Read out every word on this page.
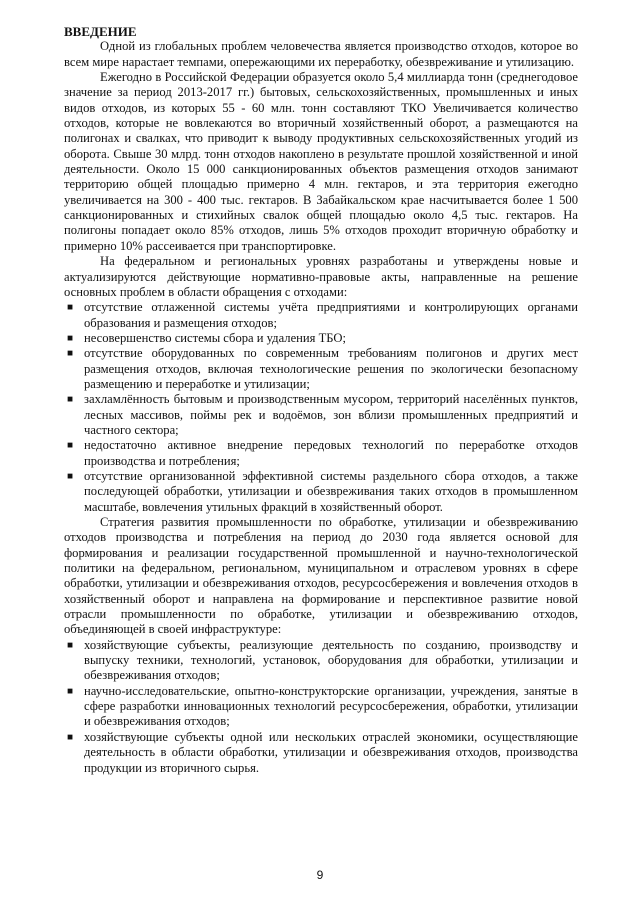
ВВЕДЕНИЕ

Одной из глобальных проблем человечества является производство отходов, которое во всем мире нарастает темпами, опережающими их переработку, обезвреживание и утилизацию.

Ежегодно в Российской Федерации образуется около 5,4 миллиарда тонн (среднегодовое значение за период 2013-2017 гг.) бытовых, сельскохозяйственных, промышленных и иных видов отходов, из которых 55 - 60 млн. тонн составляют ТКО Увеличивается количество отходов, которые не вовлекаются во вторичный хозяйственный оборот, а размещаются на полигонах и свалках, что приводит к выводу продуктивных сельскохозяйственных угодий из оборота. Свыше 30 млрд. тонн отходов накоплено в результате прошлой хозяйственной и иной деятельности. Около 15 000 санкционированных объектов размещения отходов занимают территорию общей площадью примерно 4 млн. гектаров, и эта территория ежегодно увеличивается на 300 - 400 тыс. гектаров. В Забайкальском крае насчитывается более 1 500 санкционированных и стихийных свалок общей площадью около 4,5 тыс. гектаров. На полигоны попадает около 85% отходов, лишь 5% отходов проходит вторичную обработку и примерно 10% рассеивается при транспортировке.

На федеральном и региональных уровнях разработаны и утверждены новые и актуализируются действующие нормативно-правовые акты, направленные на решение основных проблем в области обращения с отходами:

■ отсутствие отлаженной системы учёта предприятиями и контролирующих органами образования и размещения отходов;
■ несовершенство системы сбора и удаления ТБО;
■ отсутствие оборудованных по современным требованиям полигонов и других мест размещения отходов, включая технологические решения по экологически безопасному размещению и переработке и утилизации;
■ захламлённость бытовым и производственным мусором, территорий населённых пунктов, лесных массивов, поймы рек и водоёмов, зон вблизи промышленных предприятий и частного сектора;
■ недостаточно активное внедрение передовых технологий по переработке отходов производства и потребления;
■ отсутствие организованной эффективной системы раздельного сбора отходов, а также последующей обработки, утилизации и обезвреживания таких отходов в промышленном масштабе, вовлечения утильных фракций в хозяйственный оборот.

Стратегия развития промышленности по обработке, утилизации и обезвреживанию отходов производства и потребления на период до 2030 года является основой для формирования и реализации государственной промышленной и научно-технологической политики на федеральном, региональном, муниципальном и отраслевом уровнях в сфере обработки, утилизации и обезвреживания отходов, ресурсосбережения и вовлечения отходов в хозяйственный оборот и направлена на формирование и перспективное развитие новой отрасли промышленности по обработке, утилизации и обезвреживанию отходов, объединяющей в своей инфраструктуре:

■ хозяйствующие субъекты, реализующие деятельность по созданию, производству и выпуску техники, технологий, установок, оборудования для обработки, утилизации и обезвреживания отходов;
■ научно-исследовательские, опытно-конструкторские организации, учреждения, занятые в сфере разработки инновационных технологий ресурсосбережения, обработки, утилизации и обезвреживания отходов;
■ хозяйствующие субъекты одной или нескольких отраслей экономики, осуществляющие деятельность в области обработки, утилизации и обезвреживания отходов, производства продукции из вторичного сырья.
9
